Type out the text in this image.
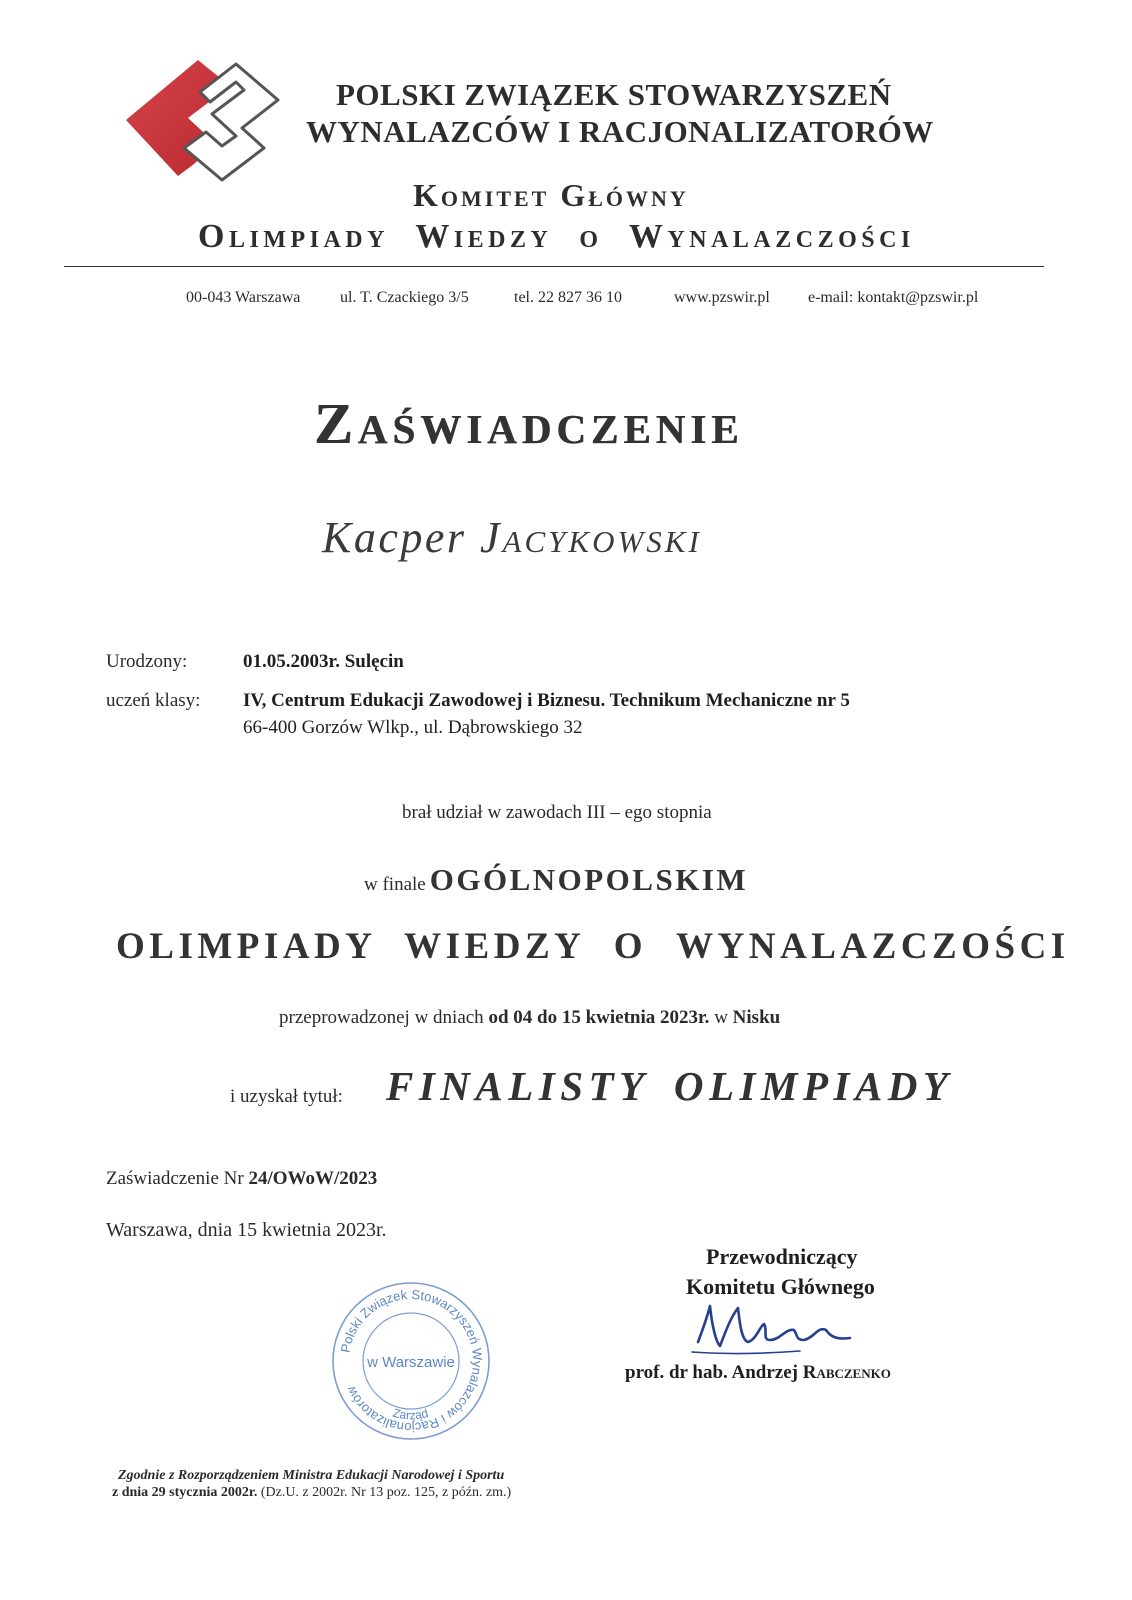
POLSKI ZWIĄZEK STOWARZYSZEŃ
WYNALAZCÓW I RACJONALIZATORÓW
Komitet Główny
Olimpiady Wiedzy o Wynalazczości
00-043 Warszawa ul. T. Czackiego 3/5	tel. 22 827 36 10	www.pzswir.pl e-mail: kontakt@pzswir.pl
Zaświadczenie
Kacper Jacykowski
Urodzony:	01.05.2003r. Sulęcin
uczeń klasy: IV, Centrum Edukacji Zawodowej i Biznesu. Technikum Mechaniczne nr 5
66-400 Gorzów Wlkp., ul. Dąbrowskiego 32
brał udział w zawodach III – ego stopnia
w finale OGÓLNOPOLSKIM
OLIMPIADY WIEDZY O WYNALAZCZOŚCI
przeprowadzonej w dniach od 04 do 15 kwietnia 2023r. w Nisku
i uzyskał tytuł: FINALISTY OLIMPIADY
Zaświadczenie Nr 24/OWoW/2023
Warszawa, dnia 15 kwietnia 2023r.
Przewodniczący
Komitetu Głównego
prof. dr hab. Andrzej Rabczenko
Polski Związek Stowarzyszeń Wynalazców i Racjonalizatorów
Zarząd
w Warszawie
Zgodnie z Rozporządzeniem Ministra Edukacji Narodowej i Sportu
z dnia 29 stycznia 2002r. (Dz.U. z 2002r. Nr 13 poz. 125, z późn. zm.)
